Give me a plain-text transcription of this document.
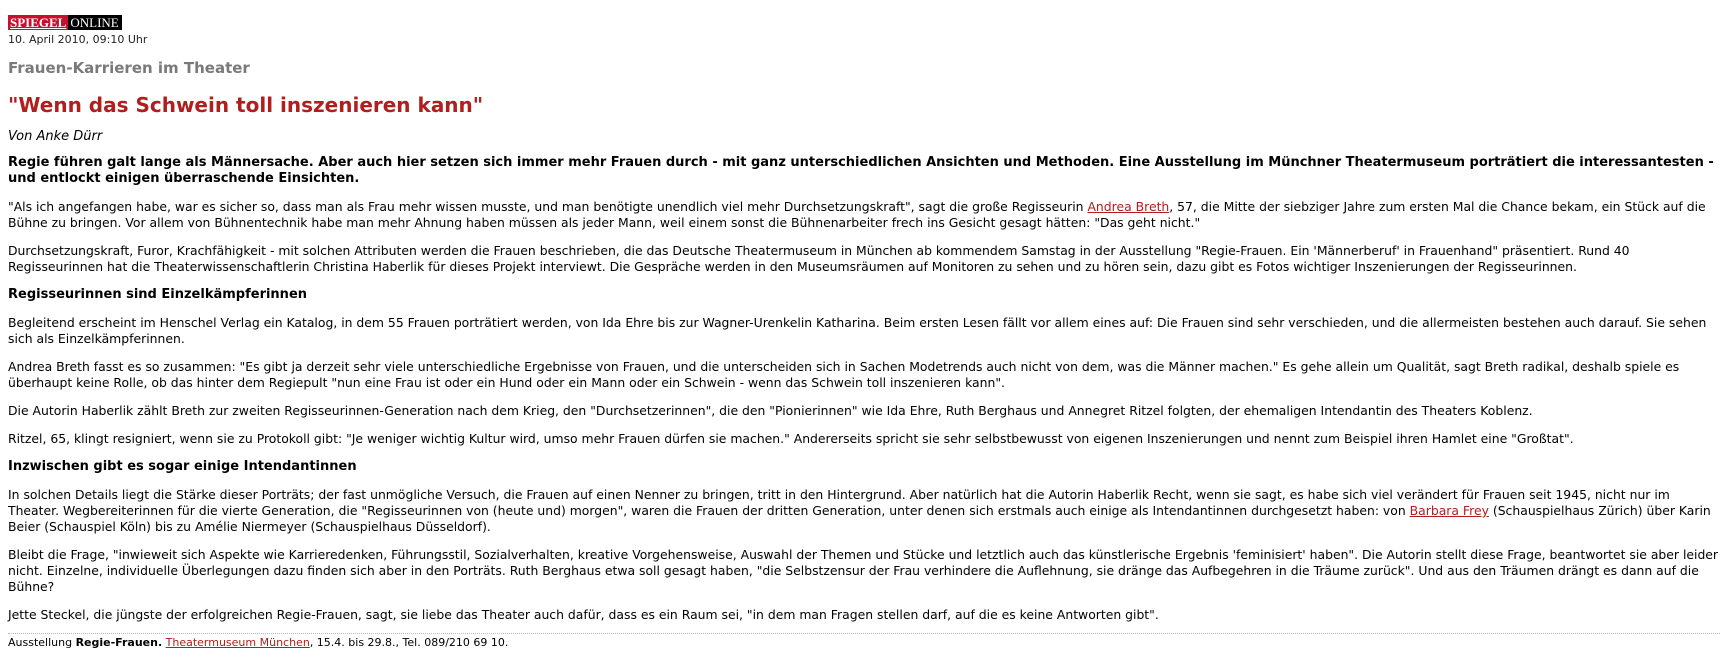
SPIEGEL ONLINE
10. April 2010, 09:10 Uhr
Frauen-Karrieren im Theater
"Wenn das Schwein toll inszenieren kann"
Von Anke Dürr
Regie führen galt lange als Männersache. Aber auch hier setzen sich immer mehr Frauen durch - mit ganz unterschiedlichen Ansichten und Methoden. Eine Ausstellung im Münchner Theatermuseum porträtiert die interessantesten - und entlockt einigen überraschende Einsichten.
"Als ich angefangen habe, war es sicher so, dass man als Frau mehr wissen musste, und man benötigte unendlich viel mehr Durchsetzungskraft", sagt die große Regisseurin Andrea Breth, 57, die Mitte der siebziger Jahre zum ersten Mal die Chance bekam, ein Stück auf die Bühne zu bringen. Vor allem von Bühnentechnik habe man mehr Ahnung haben müssen als jeder Mann, weil einem sonst die Bühnenarbeiter frech ins Gesicht gesagt hätten: "Das geht nicht."
Durchsetzungskraft, Furor, Krachfähigkeit - mit solchen Attributen werden die Frauen beschrieben, die das Deutsche Theatermuseum in München ab kommendem Samstag in der Ausstellung "Regie-Frauen. Ein 'Männerberuf' in Frauenhand" präsentiert. Rund 40 Regisseurinnen hat die Theaterwissenschaftlerin Christina Haberlik für dieses Projekt interviewt. Die Gespräche werden in den Museumsräumen auf Monitoren zu sehen und zu hören sein, dazu gibt es Fotos wichtiger Inszenierungen der Regisseurinnen.
Regisseurinnen sind Einzelkämpferinnen
Begleitend erscheint im Henschel Verlag ein Katalog, in dem 55 Frauen porträtiert werden, von Ida Ehre bis zur Wagner-Urenkelin Katharina. Beim ersten Lesen fällt vor allem eines auf: Die Frauen sind sehr verschieden, und die allermeisten bestehen auch darauf. Sie sehen sich als Einzelkämpferinnen.
Andrea Breth fasst es so zusammen: "Es gibt ja derzeit sehr viele unterschiedliche Ergebnisse von Frauen, und die unterscheiden sich in Sachen Modetrends auch nicht von dem, was die Männer machen." Es gehe allein um Qualität, sagt Breth radikal, deshalb spiele es überhaupt keine Rolle, ob das hinter dem Regiepult "nun eine Frau ist oder ein Hund oder ein Mann oder ein Schwein - wenn das Schwein toll inszenieren kann".
Die Autorin Haberlik zählt Breth zur zweiten Regisseurinnen-Generation nach dem Krieg, den "Durchsetzerinnen", die den "Pionierinnen" wie Ida Ehre, Ruth Berghaus und Annegret Ritzel folgten, der ehemaligen Intendantin des Theaters Koblenz.
Ritzel, 65, klingt resigniert, wenn sie zu Protokoll gibt: "Je weniger wichtig Kultur wird, umso mehr Frauen dürfen sie machen." Andererseits spricht sie sehr selbstbewusst von eigenen Inszenierungen und nennt zum Beispiel ihren Hamlet eine "Großtat".
Inzwischen gibt es sogar einige Intendantinnen
In solchen Details liegt die Stärke dieser Porträts; der fast unmögliche Versuch, die Frauen auf einen Nenner zu bringen, tritt in den Hintergrund. Aber natürlich hat die Autorin Haberlik Recht, wenn sie sagt, es habe sich viel verändert für Frauen seit 1945, nicht nur im Theater. Wegbereiterinnen für die vierte Generation, die "Regisseurinnen von (heute und) morgen", waren die Frauen der dritten Generation, unter denen sich erstmals auch einige als Intendantinnen durchgesetzt haben: von Barbara Frey (Schauspielhaus Zürich) über Karin Beier (Schauspiel Köln) bis zu Amélie Niermeyer (Schauspielhaus Düsseldorf).
Bleibt die Frage, "inwieweit sich Aspekte wie Karrieredenken, Führungsstil, Sozialverhalten, kreative Vorgehensweise, Auswahl der Themen und Stücke und letztlich auch das künstlerische Ergebnis 'feminisiert' haben". Die Autorin stellt diese Frage, beantwortet sie aber leider nicht. Einzelne, individuelle Überlegungen dazu finden sich aber in den Porträts. Ruth Berghaus etwa soll gesagt haben, "die Selbstzensur der Frau verhindere die Auflehnung, sie dränge das Aufbegehren in die Träume zurück". Und aus den Träumen drängt es dann auf die Bühne?
Jette Steckel, die jüngste der erfolgreichen Regie-Frauen, sagt, sie liebe das Theater auch dafür, dass es ein Raum sei, "in dem man Fragen stellen darf, auf die es keine Antworten gibt".
Ausstellung Regie-Frauen. Theatermuseum München, 15.4. bis 29.8., Tel. 089/210 69 10.
